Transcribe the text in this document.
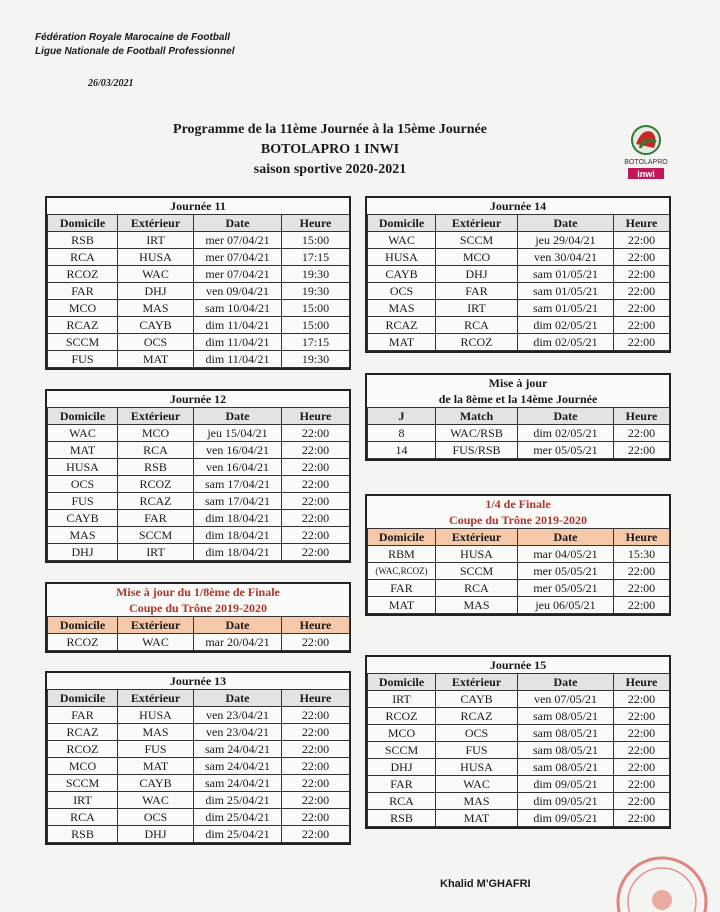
Fédération Royale Marocaine de Football
Ligue Nationale de Football Professionnel
26/03/2021
Programme de la 11ème Journée à la 15ème Journée
BOTOLAPRO 1 INWI
saison sportive 2020-2021	BOTOLAPRO
inwi
Journée 11
Domicile	Extérieur	Date	Heure
RSB	IRT	mer 07/04/21	15:00
RCA	HUSA	mer 07/04/21	17:15
RCOZ	WAC	mer 07/04/21	19:30
FAR	DHJ	ven 09/04/21	19:30
MCO	MAS	sam 10/04/21	15:00
RCAZ	CAYB	dim 11/04/21	15:00
SCCM	OCS	dim 11/04/21	17:15
FUS	MAT	dim 11/04/21	19:30
Journée 14
Domicile	Extérieur	Date	Heure
WAC	SCCM	jeu 29/04/21	22:00
HUSA	MCO	ven 30/04/21	22:00
CAYB	DHJ	sam 01/05/21	22:00
OCS	FAR	sam 01/05/21	22:00
MAS	IRT	sam 01/05/21	22:00
RCAZ	RCA	dim 02/05/21	22:00
MAT	RCOZ	dim 02/05/21	22:00
Journée 12
Domicile	Extérieur	Date	Heure
WAC	MCO	jeu 15/04/21	22:00
MAT	RCA	ven 16/04/21	22:00
HUSA	RSB	ven 16/04/21	22:00
OCS	RCOZ	sam 17/04/21	22:00
FUS	RCAZ	sam 17/04/21	22:00
CAYB	FAR	dim 18/04/21	22:00
MAS	SCCM	dim 18/04/21	22:00
DHJ	IRT	dim 18/04/21	22:00
Mise à jour
de la 8ème et la 14ème Journée
J	Match	Date	Heure
8	WAC/RSB	dim 02/05/21	22:00
14	FUS/RSB	mer 05/05/21	22:00
1/4 de Finale
Coupe du Trône 2019-2020
Domicile	Extérieur	Date	Heure
RBM	HUSA	mar 04/05/21	15:30
(WAC,RCOZ)	SCCM	mer 05/05/21	22:00
FAR	RCA	mer 05/05/21	22:00
MAT	MAS	jeu 06/05/21	22:00
Mise à jour du 1/8ème de Finale
Coupe du Trône 2019-2020
Domicile	Extérieur	Date	Heure
RCOZ	WAC	mar 20/04/21	22:00
Journée 13
Domicile	Extérieur	Date	Heure
FAR	HUSA	ven 23/04/21	22:00
RCAZ	MAS	ven 23/04/21	22:00
RCOZ	FUS	sam 24/04/21	22:00
MCO	MAT	sam 24/04/21	22:00
SCCM	CAYB	sam 24/04/21	22:00
IRT	WAC	dim 25/04/21	22:00
RCA	OCS	dim 25/04/21	22:00
RSB	DHJ	dim 25/04/21	22:00
Journée 15
Domicile	Extérieur	Date	Heure
IRT	CAYB	ven 07/05/21	22:00
RCOZ	RCAZ	sam 08/05/21	22:00
MCO	OCS	sam 08/05/21	22:00
SCCM	FUS	sam 08/05/21	22:00
DHJ	HUSA	sam 08/05/21	22:00
FAR	WAC	dim 09/05/21	22:00
RCA	MAS	dim 09/05/21	22:00
RSB	MAT	dim 09/05/21	22:00
Khalid M'GHAFRI
